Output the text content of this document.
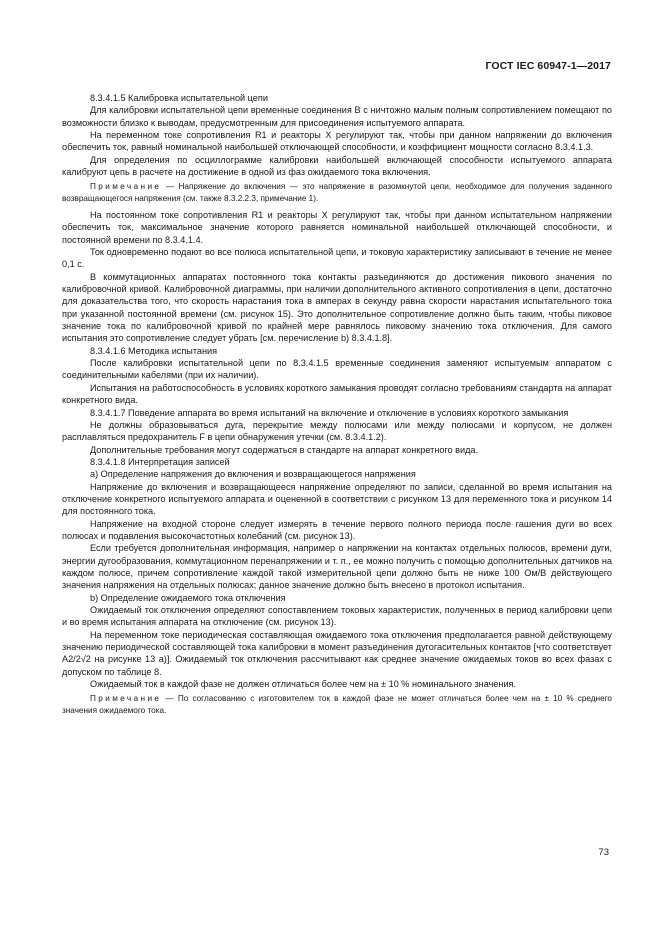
ГОСТ IEC 60947-1—2017

8.3.4.1.5 Калибровка испытательной цепи

Для калибровки испытательной цепи временные соединения B с ничтожно малым полным сопротивлением помещают по возможности близко к выводам, предусмотренным для присоединения испытуемого аппарата.

На переменном токе сопротивления R1 и реакторы X регулируют так, чтобы при данном напряжении до включения обеспечить ток, равный номинальной наибольшей отключающей способности, и коэффициент мощности согласно 8.3.4.1.3.

Для определения по осциллограмме калибровки наибольшей включающей способности испытуемого аппарата калибруют цепь в расчете на достижение в одной из фаз ожидаемого тока включения.

Примечание — Напряжение до включения — это напряжение в разомкнутой цепи, необходимое для получения заданного возвращающегося напряжения (см. также 8.3.2.2.3, примечание 1).

На постоянном токе сопротивления R1 и реакторы X регулируют так, чтобы при данном испытательном напряжении обеспечить ток, максимальное значение которого равняется номинальной наибольшей отключающей способности, и постоянной времени по 8.3.4.1.4.

Ток одновременно подают во все полюса испытательной цепи, и токовую характеристику записывают в течение не менее 0,1 с.

В коммутационных аппаратах постоянного тока контакты разъединяются до достижения пикового значения по калибровочной кривой. Калибровочной диаграммы, при наличии дополнительного активного сопротивления в цепи, достаточно для доказательства того, что скорость нарастания тока в амперах в секунду равна скорости нарастания испытательного тока при указанной постоянной времени (см. рисунок 15). Это дополнительное сопротивление должно быть таким, чтобы пиковое значение тока по калибровочной кривой по крайней мере равнялось пиковому значению тока отключения. Для самого испытания это сопротивление следует убрать [см. перечисление b) 8.3.4.1.8].

8.3.4.1.6 Методика испытания

После калибровки испытательной цепи по 8.3.4.1.5 временные соединения заменяют испытуемым аппаратом с соединительными кабелями (при их наличии).

Испытания на работоспособность в условиях короткого замыкания проводят согласно требованиям стандарта на аппарат конкретного вида.

8.3.4.1.7 Поведение аппарата во время испытаний на включение и отключение в условиях короткого замыкания

Не должны образовываться дуга, перекрытие между полюсами или между полюсами и корпусом, не должен расплавляться предохранитель F в цепи обнаружения утечки (см. 8.3.4.1.2).

Дополнительные требования могут содержаться в стандарте на аппарат конкретного вида.

8.3.4.1.8 Интерпретация записей

а) Определение напряжения до включения и возвращающегося напряжения

Напряжение до включения и возвращающееся напряжение определяют по записи, сделанной во время испытания на отключение конкретного испытуемого аппарата и оцененной в соответствии с рисунком 13 для переменного тока и рисунком 14 для постоянного тока.

Напряжение на входной стороне следует измерять в течение первого полного периода после гашения дуги во всех полюсах и подавления высокочастотных колебаний (см. рисунок 13).

Если требуется дополнительная информация, например о напряжении на контактах отдельных полюсов, времени дуги, энергии дугообразования, коммутационном перенапряжении и т. п., ее можно получить с помощью дополнительных датчиков на каждом полюсе, причем сопротивление каждой такой измерительной цепи должно быть не ниже 100 Ом/В действующего значения напряжения на отдельных полюсах; данное значение должно быть внесено в протокол испытания.

b) Определение ожидаемого тока отключения

Ожидаемый ток отключения определяют сопоставлением токовых характеристик, полученных в период калибровки цепи и во время испытания аппарата на отключение (см. рисунок 13).

На переменном токе периодическая составляющая ожидаемого тока отключения предполагается равной действующему значению периодической составляющей тока калибровки в момент разъединения дугогасительных контактов [что соответствует A2/2√2 на рисунке 13 а)]. Ожидаемый ток отключения рассчитывают как среднее значение ожидаемых токов во всех фазах с допуском по таблице 8.

Ожидаемый ток в каждой фазе не должен отличаться более чем на ± 10 % номинального значения.

Примечание — По согласованию с изготовителем ток в каждой фазе не может отличаться более чем на ± 10 % среднего значения ожидаемого тока.

73
